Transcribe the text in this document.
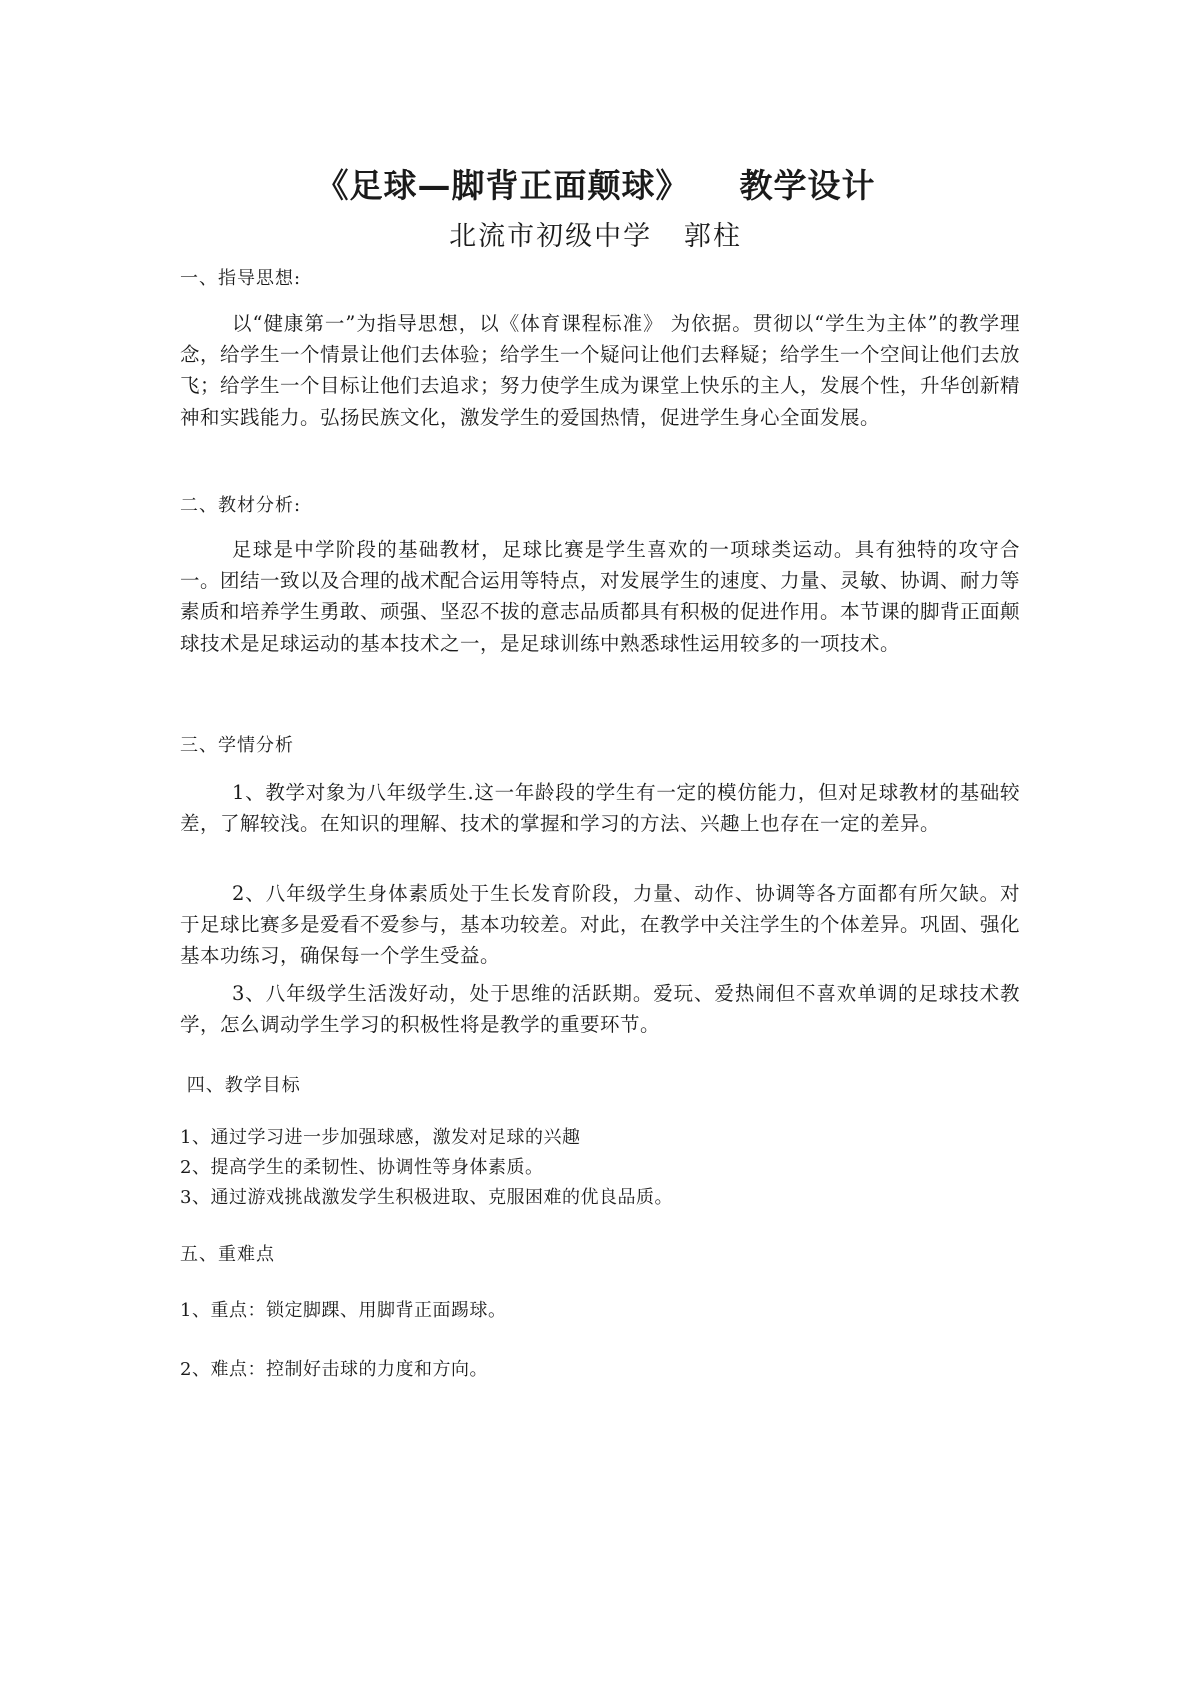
《足球—脚背正面颠球》    教学设计
北流市初级中学   郭柱
一、指导思想:
以“健康第一”为指导思想，以《体育课程标准》 为依据。贯彻以“学生为主体”的教学理念，给学生一个情景让他们去体验；给学生一个疑问让他们去释疑；给学生一个空间让他们去放飞；给学生一个目标让他们去追求；努力使学生成为课堂上快乐的主人，发展个性，升华创新精神和实践能力。弘扬民族文化，激发学生的爱国热情，促进学生身心全面发展。
二、教材分析:
足球是中学阶段的基础教材，足球比赛是学生喜欢的一项球类运动。具有独特的攻守合一。团结一致以及合理的战术配合运用等特点，对发展学生的速度、力量、灵敏、协调、耐力等素质和培养学生勇敢、顽强、坚忍不拔的意志品质都具有积极的促进作用。本节课的脚背正面颠球技术是足球运动的基本技术之一，是足球训练中熟悉球性运用较多的一项技术。
三、学情分析
1、教学对象为八年级学生.这一年龄段的学生有一定的模仿能力，但对足球教材的基础较差，了解较浅。在知识的理解、技术的掌握和学习的方法、兴趣上也存在一定的差异。
2、八年级学生身体素质处于生长发育阶段，力量、动作、协调等各方面都有所欠缺。对于足球比赛多是爱看不爱参与，基本功较差。对此，在教学中关注学生的个体差异。巩固、强化基本功练习，确保每一个学生受益。
3、八年级学生活泼好动，处于思维的活跃期。爱玩、爱热闹但不喜欢单调的足球技术教学，怎么调动学生学习的积极性将是教学的重要环节。
四、教学目标
1、通过学习进一步加强球感，激发对足球的兴趣
2、提高学生的柔韧性、协调性等身体素质。
3、通过游戏挑战激发学生积极进取、克服困难的优良品质。
五、重难点
1、重点：锁定脚踝、用脚背正面踢球。
2、难点：控制好击球的力度和方向。
